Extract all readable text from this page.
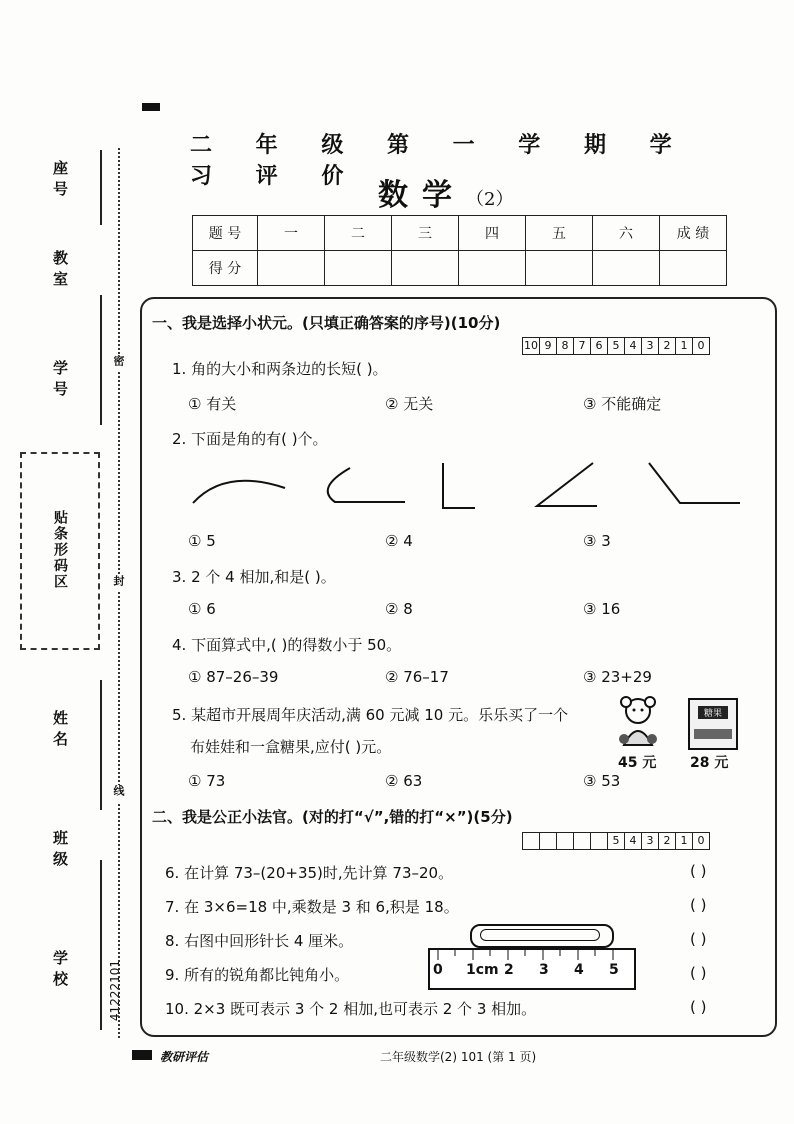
座号
教室
学号
贴条形码区
姓名
班级
学校	41222101
密
封
线
二 年 级 第 一 学 期 学 习 评 价
数学（2）
题 号	一	二	三	四	五	六	成 绩
得 分							
一、我是选择小状元。(只填正确答案的序号)(10分)
10 9 8 7 6 5 4 3 2 1 0
1. 角的大小和两条边的长短( )。
① 有关	② 无关	③ 不能确定
2. 下面是角的有( )个。
① 5	② 4	③ 3
3. 2 个 4 相加,和是( )。
① 6	② 8	③ 16
4. 下面算式中,( )的得数小于 50。
① 87–26–39	② 76–17	③ 23+29
5. 某超市开展周年庆活动,满 60 元减 10 元。乐乐买了一个
布娃娃和一盒糖果,应付( )元。
① 73	② 63	③ 53
45 元
糖果
28 元
二、我是公正小法官。(对的打“√”,错的打“×”)(5分)
5 4 3 2 1 0
6. 在计算 73–(20+35)时,先计算 73–20。	( )
7. 在 3×6=18 中,乘数是 3 和 6,积是 18。	( )
8. 右图中回形针长 4 厘米。	( )
9. 所有的锐角都比钝角小。	( )
10. 2×3 既可表示 3 个 2 相加,也可表示 2 个 3 相加。	( )
0 1cm 2 3 4 5
教研评估	二年级数学(2) 101 (第 1 页)
